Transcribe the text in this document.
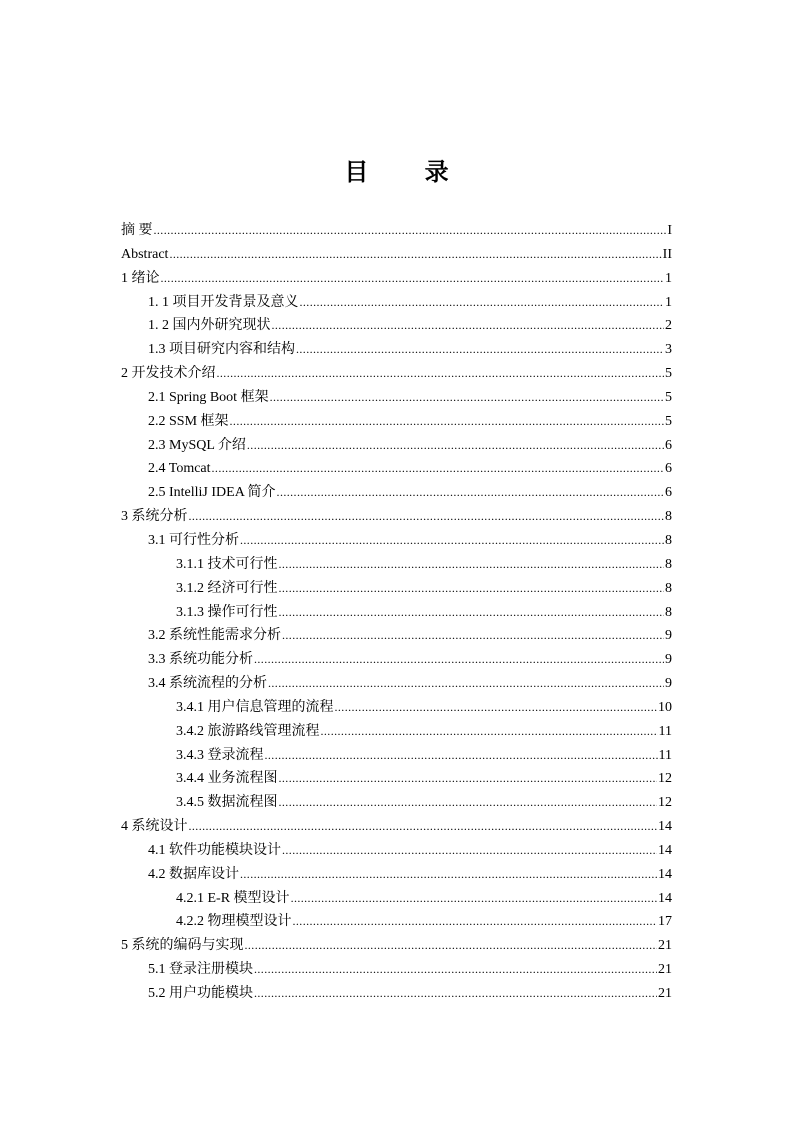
目 录
摘 要 .....	I
Abstract .....	II
1 绪论 .....	1
1. 1 项目开发背景及意义 .....	1
1. 2 国内外研究现状 .....	2
1.3 项目研究内容和结构 .....	3
2 开发技术介绍 .....	5
2.1 Spring Boot 框架 .....	5
2.2 SSM 框架 .....	5
2.3 MySQL 介绍 .....	6
2.4 Tomcat .....	6
2.5 IntelliJ IDEA 简介 .....	6
3 系统分析 .....	8
3.1 可行性分析 .....	8
3.1.1 技术可行性 .....	8
3.1.2 经济可行性 .....	8
3.1.3 操作可行性 .....	8
3.2 系统性能需求分析 .....	9
3.3 系统功能分析 .....	9
3.4 系统流程的分析 .....	9
3.4.1 用户信息管理的流程 .....	10
3.4.2 旅游路线管理流程 .....	11
3.4.3 登录流程 .....	11
3.4.4 业务流程图 .....	12
3.4.5 数据流程图 .....	12
4 系统设计 .....	14
4.1 软件功能模块设计 .....	14
4.2 数据库设计 .....	14
4.2.1 E-R 模型设计 .....	14
4.2.2 物理模型设计 .....	17
5 系统的编码与实现 .....	21
5.1 登录注册模块 .....	21
5.2 用户功能模块 .....	21
